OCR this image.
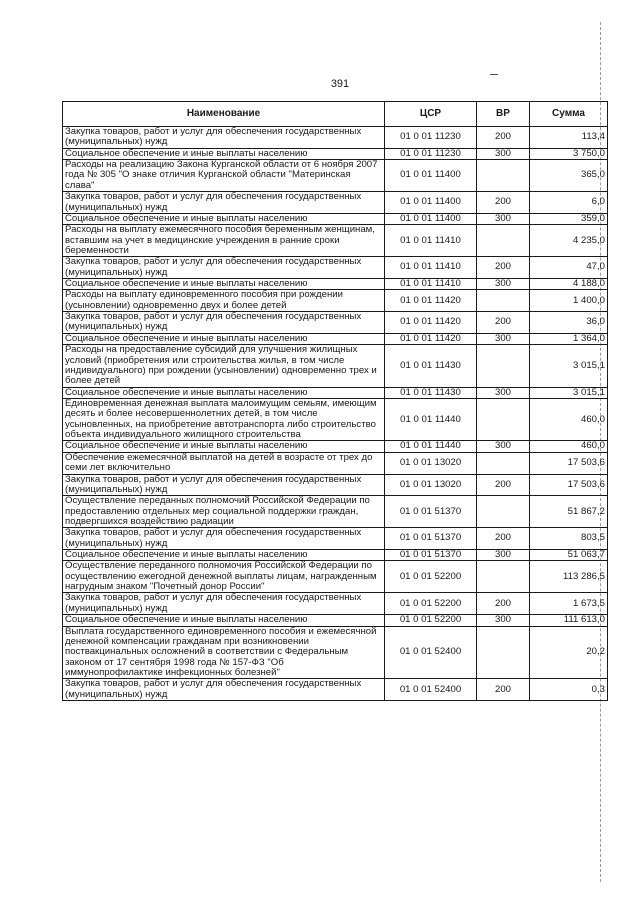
391
Наименование	ЦСР	ВР	Сумма
Закупка товаров, работ и услуг для обеспечения государственных (муниципальных) нужд	01 0 01 11230	200	113,4
Социальное обеспечение и иные выплаты населению	01 0 01 11230	300	3 750,0
Расходы на реализацию Закона Курганской области от 6 ноября 2007 года № 305 "О знаке отличия Курганской области "Материнская слава"	01 0 01 11400		365,0
Закупка товаров, работ и услуг для обеспечения государственных (муниципальных) нужд	01 0 01 11400	200	6,0
Социальное обеспечение и иные выплаты населению	01 0 01 11400	300	359,0
Расходы на выплату ежемесячного пособия беременным женщинам, вставшим на учет в медицинские учреждения в ранние сроки беременности	01 0 01 11410		4 235,0
Закупка товаров, работ и услуг для обеспечения государственных (муниципальных) нужд	01 0 01 11410	200	47,0
Социальное обеспечение и иные выплаты населению	01 0 01 11410	300	4 188,0
Расходы на выплату единовременного пособия при рождении (усыновлении) одновременно двух и более детей	01 0 01 11420		1 400,0
Закупка товаров, работ и услуг для обеспечения государственных (муниципальных) нужд	01 0 01 11420	200	36,0
Социальное обеспечение и иные выплаты населению	01 0 01 11420	300	1 364,0
Расходы на предоставление субсидий для улучшения жилищных условий (приобретения или строительства жилья, в том числе индивидуального) при рождении (усыновлении) одновременно трех и более детей	01 0 01 11430		3 015,1
Социальное обеспечение и иные выплаты населению	01 0 01 11430	300	3 015,1
Единовременная денежная выплата малоимущим семьям, имеющим десять и более несовершеннолетних детей, в том числе усыновленных, на приобретение автотранспорта либо строительство объекта индивидуального жилищного строительства	01 0 01 11440		460,0
Социальное обеспечение и иные выплаты населению	01 0 01 11440	300	460,0
Обеспечение ежемесячной выплатой на детей в возрасте от трех до семи лет включительно	01 0 01 13020		17 503,6
Закупка товаров, работ и услуг для обеспечения государственных (муниципальных) нужд	01 0 01 13020	200	17 503,6
Осуществление переданных полномочий Российской Федерации по предоставлению отдельных мер социальной поддержки граждан, подвергшихся воздействию радиации	01 0 01 51370		51 867,2
Закупка товаров, работ и услуг для обеспечения государственных (муниципальных) нужд	01 0 01 51370	200	803,5
Социальное обеспечение и иные выплаты населению	01 0 01 51370	300	51 063,7
Осуществление переданного полномочия Российской Федерации по осуществлению ежегодной денежной выплаты лицам, награжденным нагрудным знаком "Почетный донор России"	01 0 01 52200		113 286,5
Закупка товаров, работ и услуг для обеспечения государственных (муниципальных) нужд	01 0 01 52200	200	1 673,5
Социальное обеспечение и иные выплаты населению	01 0 01 52200	300	111 613,0
Выплата государственного единовременного пособия и ежемесячной денежной компенсации гражданам при возникновении поствакцинальных осложнений в соответствии с Федеральным законом от 17 сентября 1998 года № 157-ФЗ "Об иммунопрофилактике инфекционных болезней"	01 0 01 52400		20,2
Закупка товаров, работ и услуг для обеспечения государственных (муниципальных) нужд	01 0 01 52400	200	0,3
